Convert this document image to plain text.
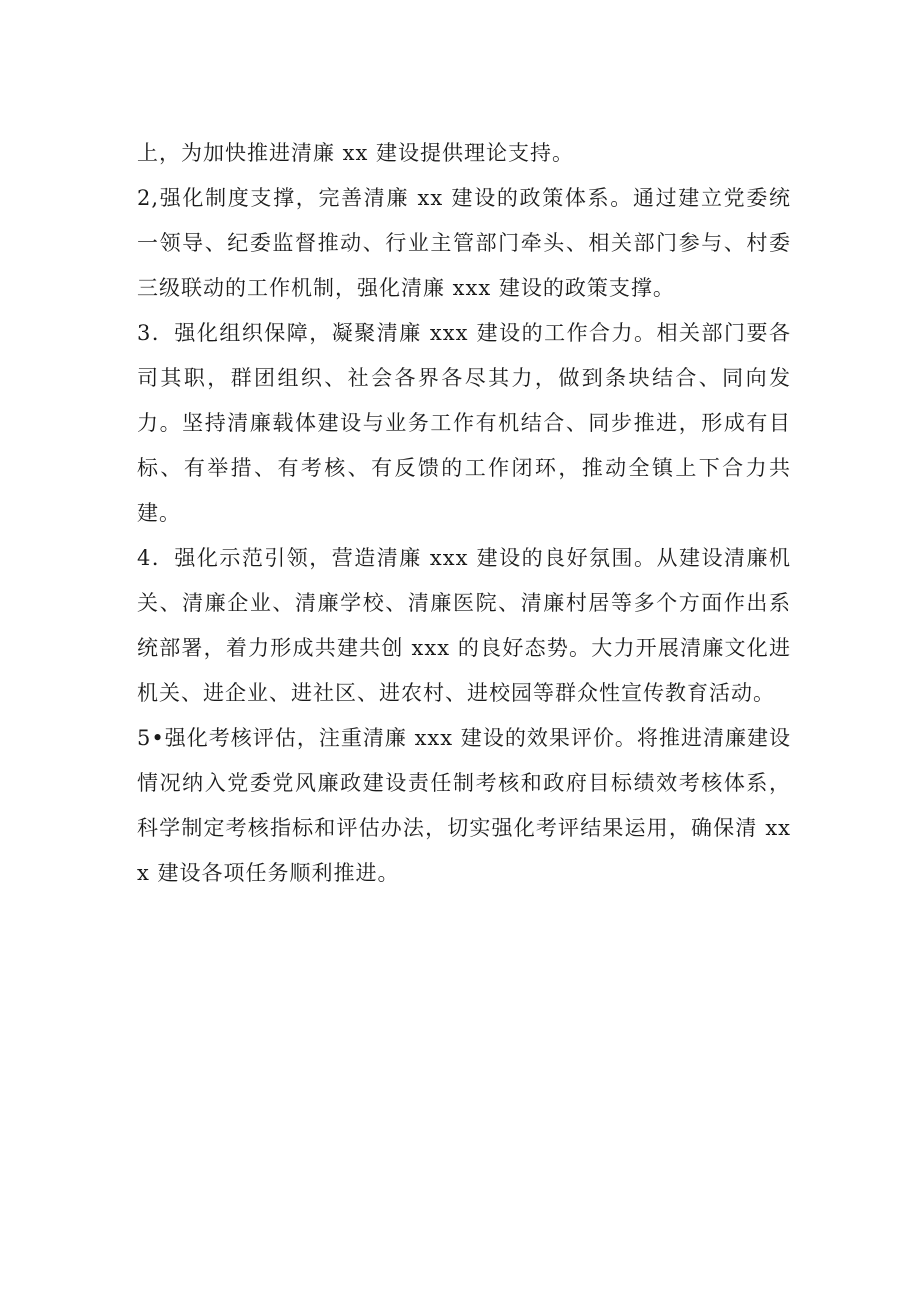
上，为加快推进清廉 xx 建设提供理论支持。

2,强化制度支撑，完善清廉 xx 建设的政策体系。通过建立党委统一领导、纪委监督推动、行业主管部门牵头、相关部门参与、村委三级联动的工作机制，强化清廉 xxx 建设的政策支撑。

3．强化组织保障，凝聚清廉 xxx 建设的工作合力。相关部门要各司其职，群团组织、社会各界各尽其力，做到条块结合、同向发力。坚持清廉载体建设与业务工作有机结合、同步推进，形成有目标、有举措、有考核、有反馈的工作闭环，推动全镇上下合力共建。

4．强化示范引领，营造清廉 xxx 建设的良好氛围。从建设清廉机关、清廉企业、清廉学校、清廉医院、清廉村居等多个方面作出系统部署，着力形成共建共创 xxx 的良好态势。大力开展清廉文化进机关、进企业、进社区、进农村、进校园等群众性宣传教育活动。

5•强化考核评估，注重清廉 xxx 建设的效果评价。将推进清廉建设情况纳入党委党风廉政建设责任制考核和政府目标绩效考核体系，科学制定考核指标和评估办法，切实强化考评结果运用，确保清 xxx 建设各项任务顺利推进。
